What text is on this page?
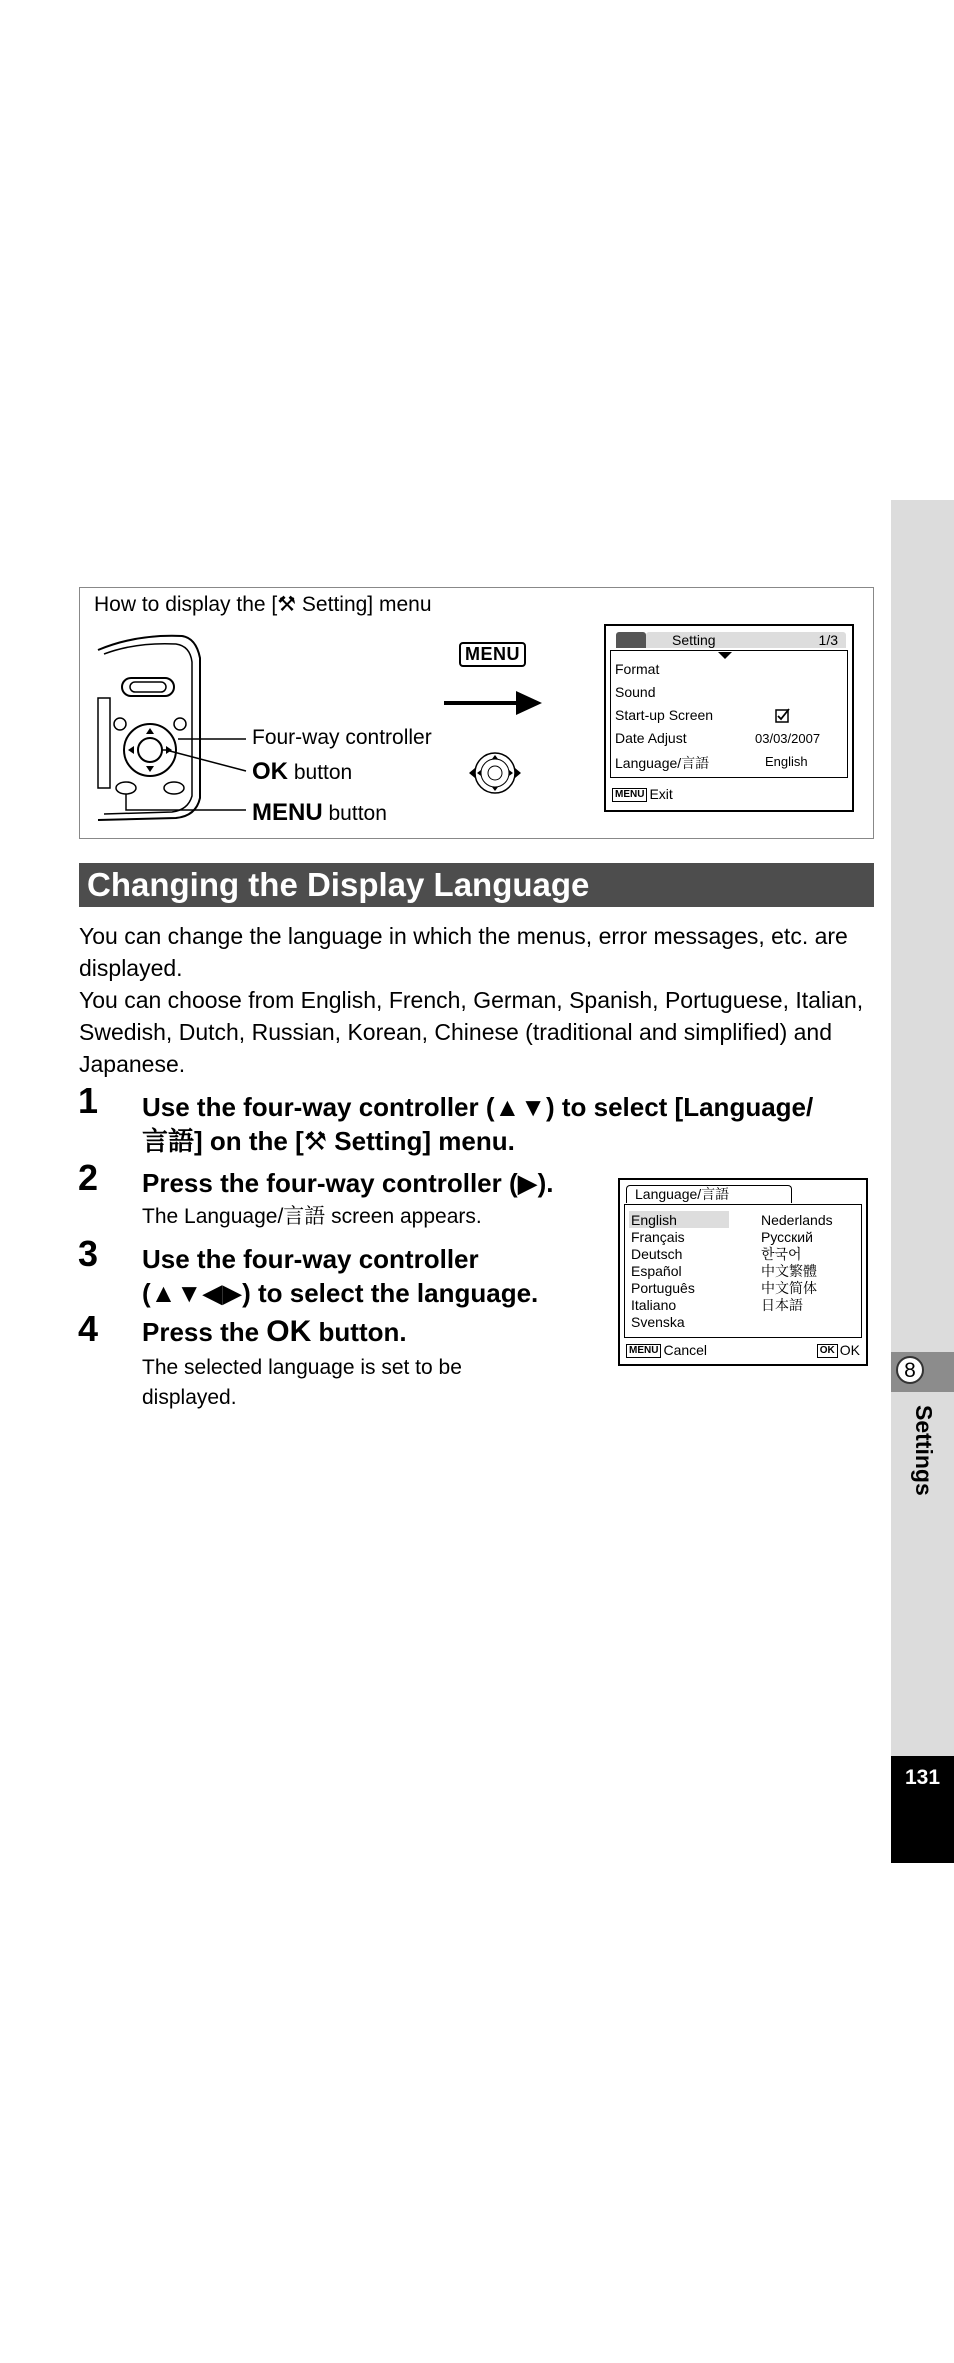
8
Settings
131
How to display the [⚒ Setting] menu
Four-way controller
OK button
MENU button
MENU
Setting	1/3
Format
Sound
Start-up Screen
Date Adjust
Language/言語
03/03/2007
English
MENU Exit
Changing the Display Language
You can change the language in which the menus, error messages, etc. are displayed.
You can choose from English, French, German, Spanish, Portuguese, Italian, Swedish, Dutch, Russian, Korean, Chinese (traditional and simplified) and Japanese.
1 Use the four-way controller (▲▼) to select [Language/
言語] on the [⚒ Setting] menu.
2 Press the four-way controller (▶).
The Language/言語 screen appears.
3 Use the four-way controller
(▲▼◀▶) to select the language.
4 Press the OK button.
The selected language is set to be
displayed.
Language/言語
English
Français
Deutsch
Español
Português
Italiano
Svenska
Nederlands
Русский
한국어
中文繁體
中文简体
日本語
MENU Cancel	OK OK
